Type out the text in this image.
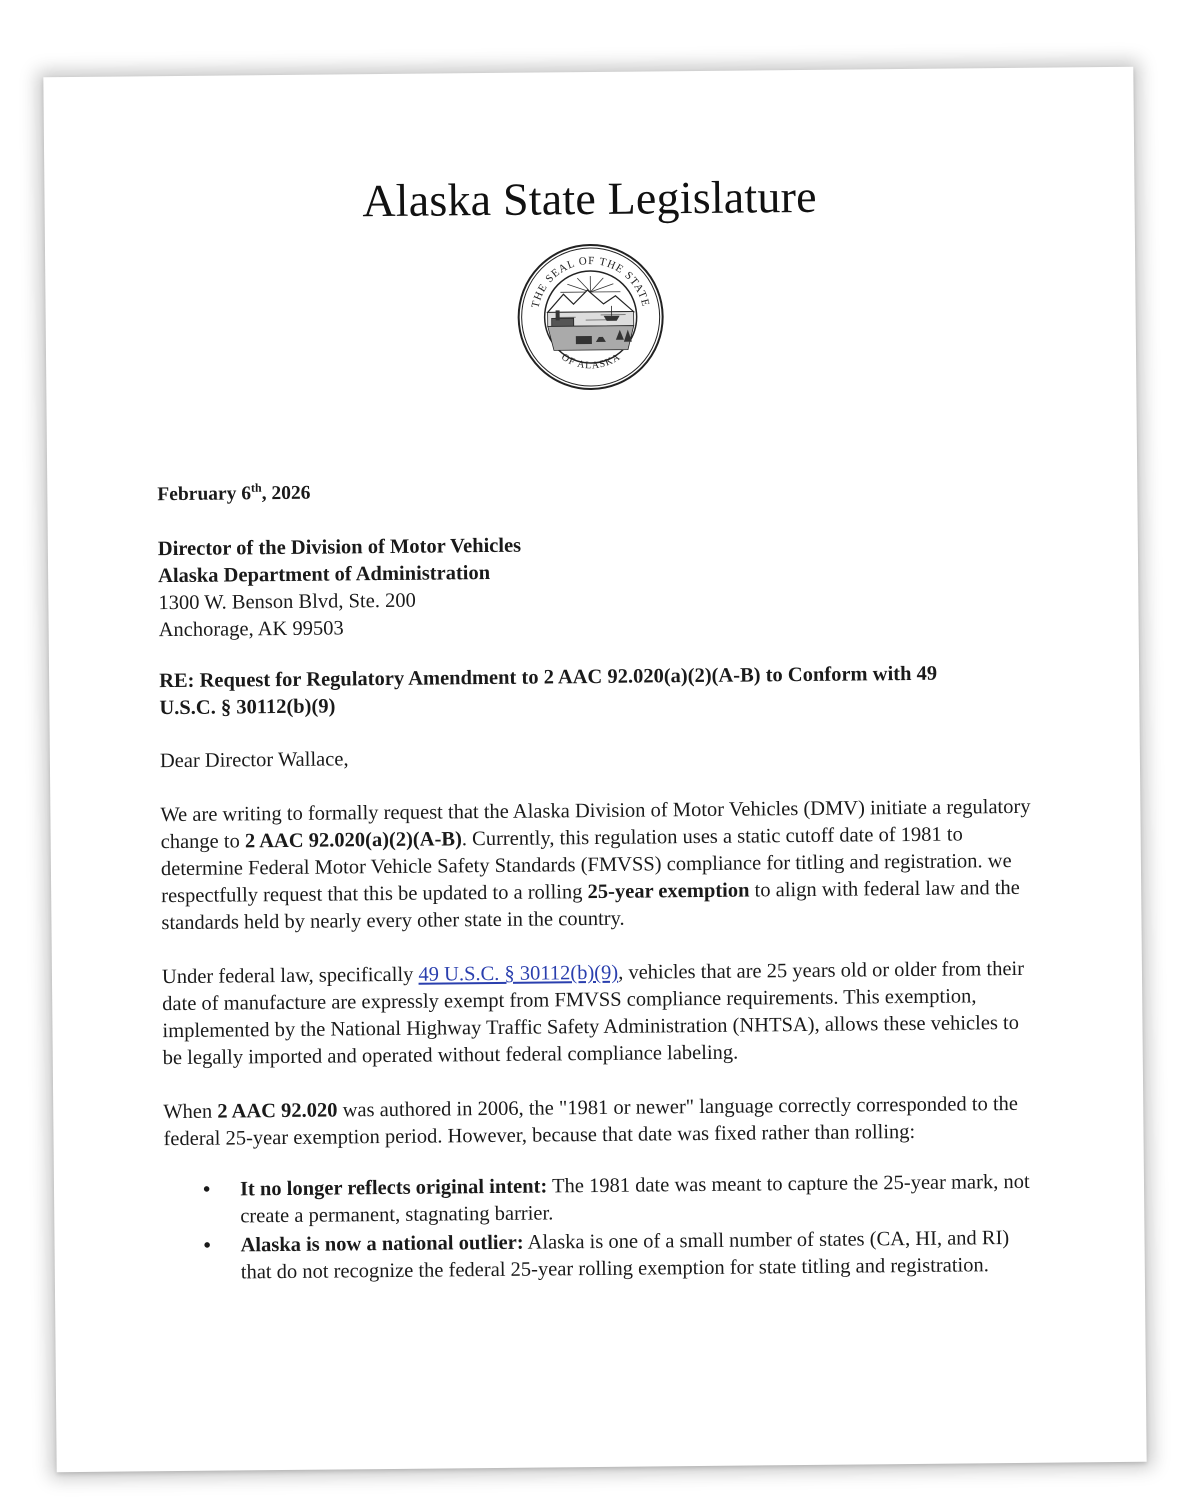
Alaska State Legislature
THE SEAL OF THE STATE
OF ALASKA

February 6th, 2026

Director of the Division of Motor Vehicles
Alaska Department of Administration
1300 W. Benson Blvd, Ste. 200
Anchorage, AK 99503

RE: Request for Regulatory Amendment to 2 AAC 92.020(a)(2)(A-B) to Conform with 49
U.S.C. § 30112(b)(9)

Dear Director Wallace,

We are writing to formally request that the Alaska Division of Motor Vehicles (DMV) initiate a regulatory change to 2 AAC 92.020(a)(2)(A-B). Currently, this regulation uses a static cutoff date of 1981 to determine Federal Motor Vehicle Safety Standards (FMVSS) compliance for titling and registration. we respectfully request that this be updated to a rolling 25-year exemption to align with federal law and the standards held by nearly every other state in the country.

Under federal law, specifically 49 U.S.C. § 30112(b)(9), vehicles that are 25 years old or older from their date of manufacture are expressly exempt from FMVSS compliance requirements. This exemption, implemented by the National Highway Traffic Safety Administration (NHTSA), allows these vehicles to be legally imported and operated without federal compliance labeling.

When 2 AAC 92.020 was authored in 2006, the "1981 or newer" language correctly corresponded to the federal 25-year exemption period. However, because that date was fixed rather than rolling:

• It no longer reflects original intent: The 1981 date was meant to capture the 25-year mark, not create a permanent, stagnating barrier.
• Alaska is now a national outlier: Alaska is one of a small number of states (CA, HI, and RI) that do not recognize the federal 25-year rolling exemption for state titling and registration.
